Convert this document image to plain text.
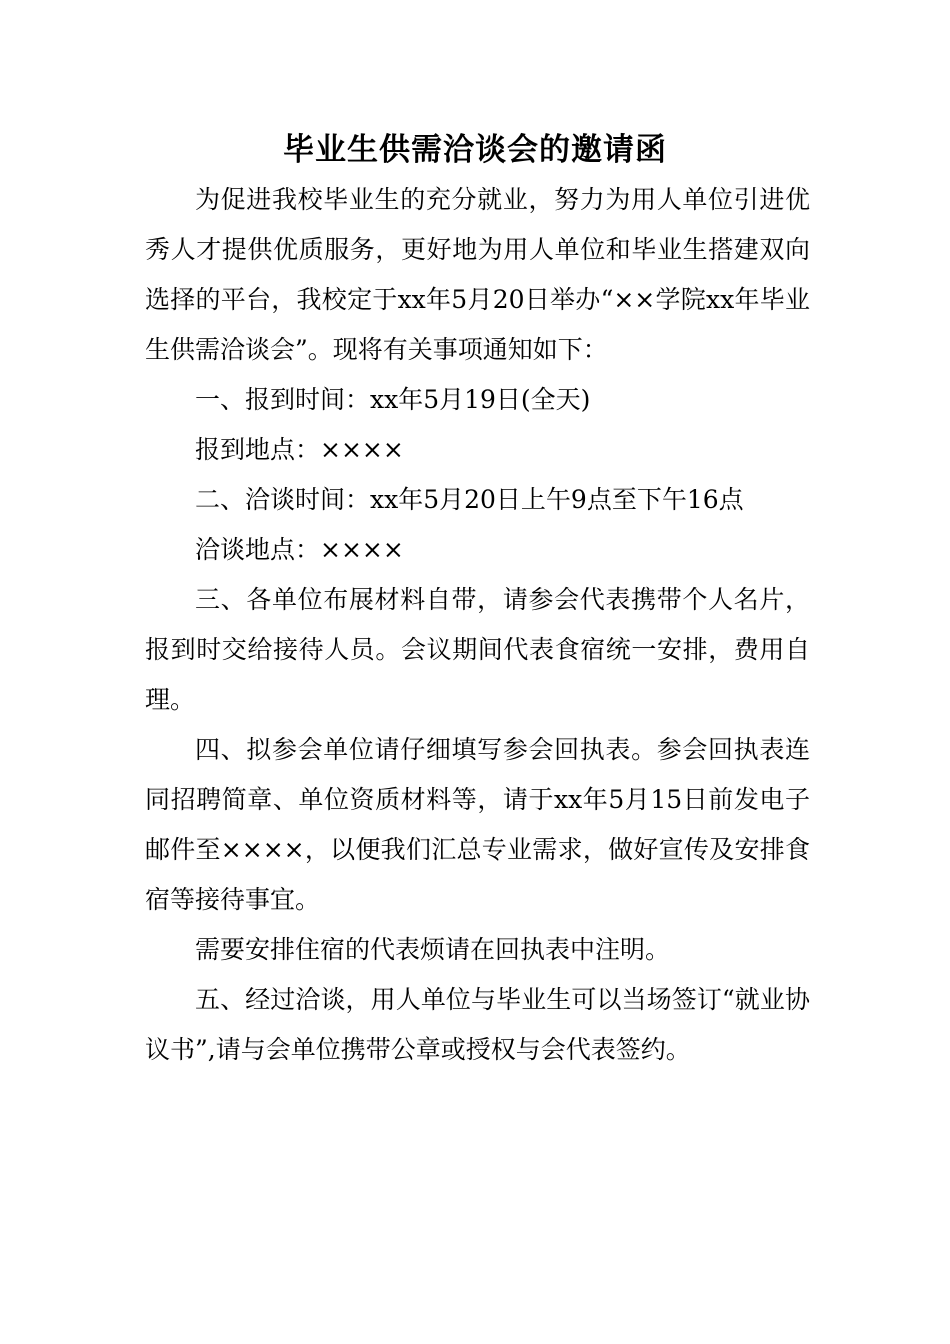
毕业生供需洽谈会的邀请函

为促进我校毕业生的充分就业，努力为用人单位引进优秀人才提供优质服务，更好地为用人单位和毕业生搭建双向选择的平台，我校定于xx年5月20日举办“××学院xx年毕业生供需洽谈会”。现将有关事项通知如下：

一、报到时间：xx年5月19日(全天)

报到地点：××××

二、洽谈时间：xx年5月20日上午9点至下午16点

洽谈地点：××××

三、各单位布展材料自带，请参会代表携带个人名片，报到时交给接待人员。会议期间代表食宿统一安排，费用自理。

四、拟参会单位请仔细填写参会回执表。参会回执表连同招聘简章、单位资质材料等，请于xx年5月15日前发电子邮件至××××，以便我们汇总专业需求，做好宣传及安排食宿等接待事宜。

需要安排住宿的代表烦请在回执表中注明。

五、经过洽谈，用人单位与毕业生可以当场签订“就业协议书”,请与会单位携带公章或授权与会代表签约。
